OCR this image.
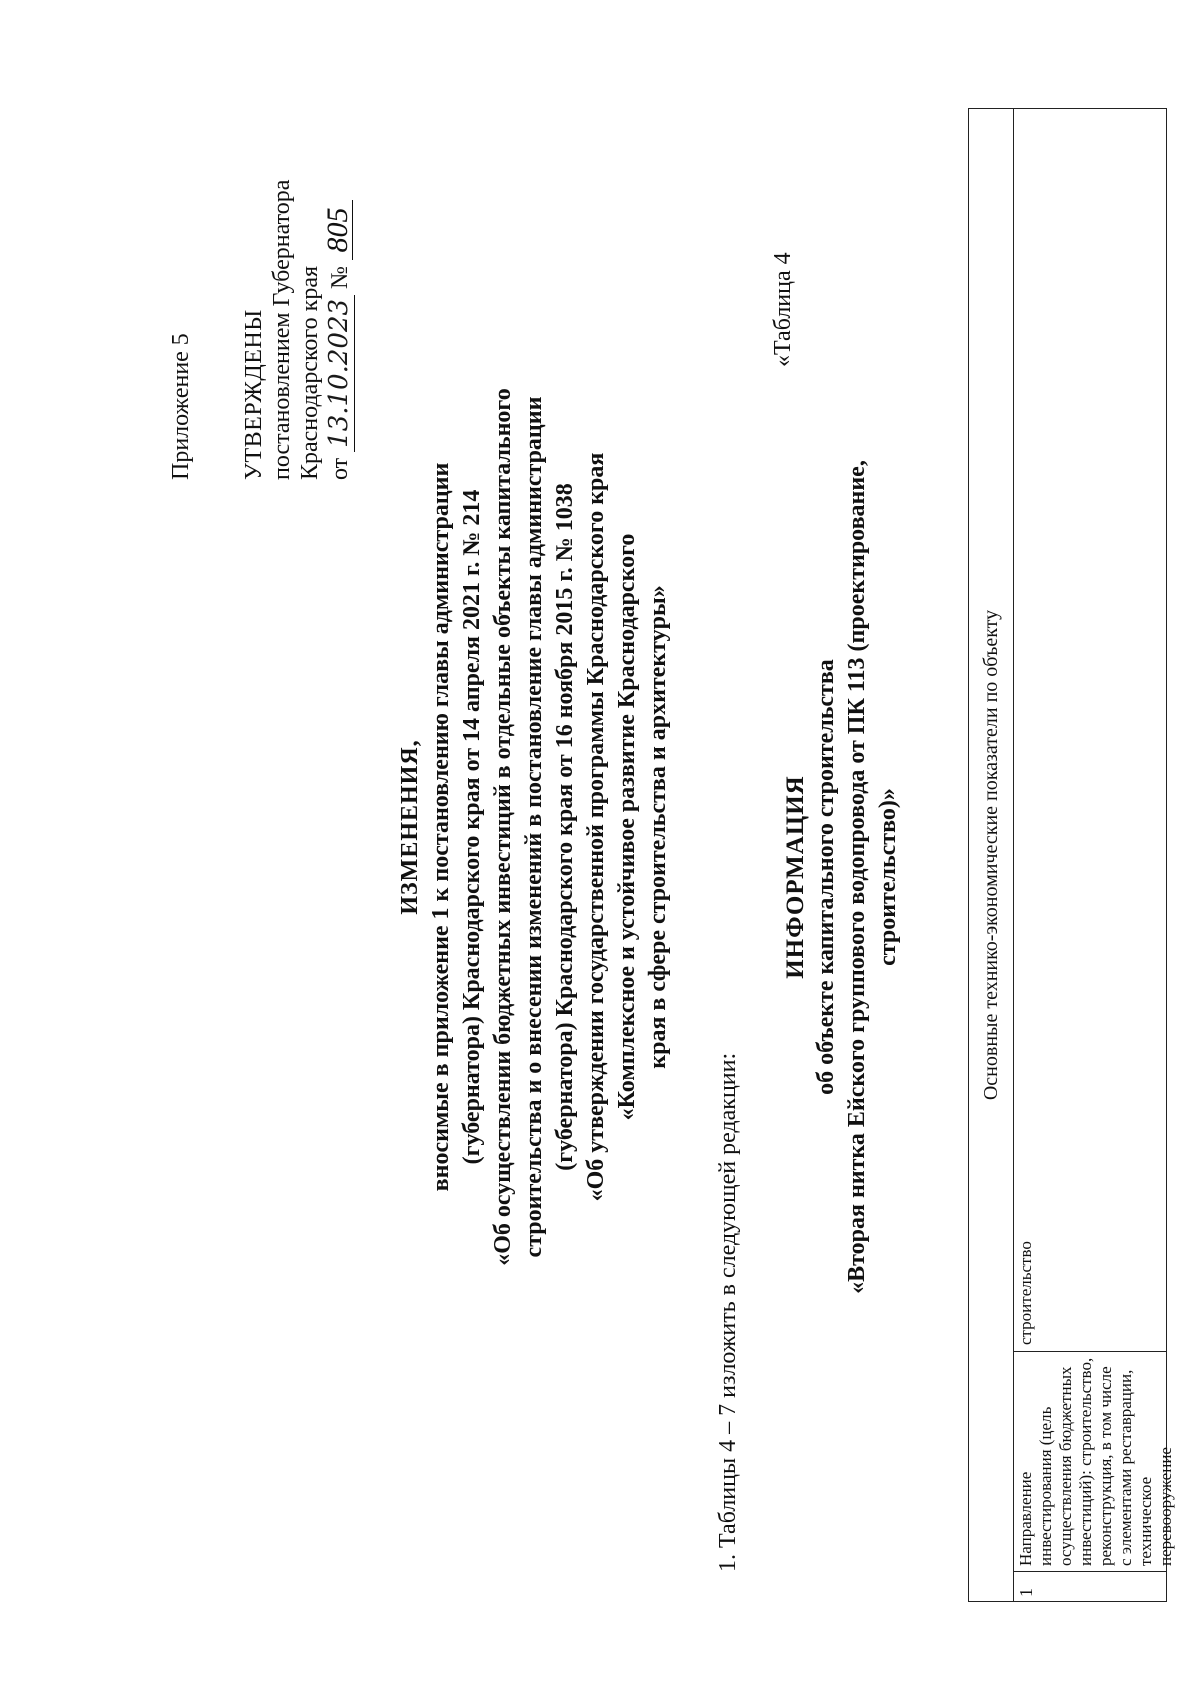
Приложение 5 УТВЕРЖДЕНЫ постановлением Губернатора Краснодарского края от 13.10.2023 № 805
ИЗМЕНЕНИЯ, вносимые в приложение 1 к постановлению главы администрации (губернатора) Краснодарского края от 14 апреля 2021 г. № 214 «Об осуществлении бюджетных инвестиций в отдельные объекты капитального строительства и о внесении изменений в постановление главы администрации (губернатора) Краснодарского края от 16 ноября 2015 г. № 1038 «Об утверждении государственной программы Краснодарского края «Комплексное и устойчивое развитие Краснодарского края в сфере строительства и архитектуры»
1. Таблицы 4 – 7 изложить в следующей редакции:
«Таблица 4
ИНФОРМАЦИЯ об объекте капитального строительства «Вторая нитка Ейского группового водопровода от ПК 113 (проектирование, строительство)»	Основные технико-экономические показатели по объекту
1
Направление инвестирования (цель осуществления бюджетных инвестиций): строительство, реконструкция, в том числе с элементами реставрации, техническое перевооружение
строительство
